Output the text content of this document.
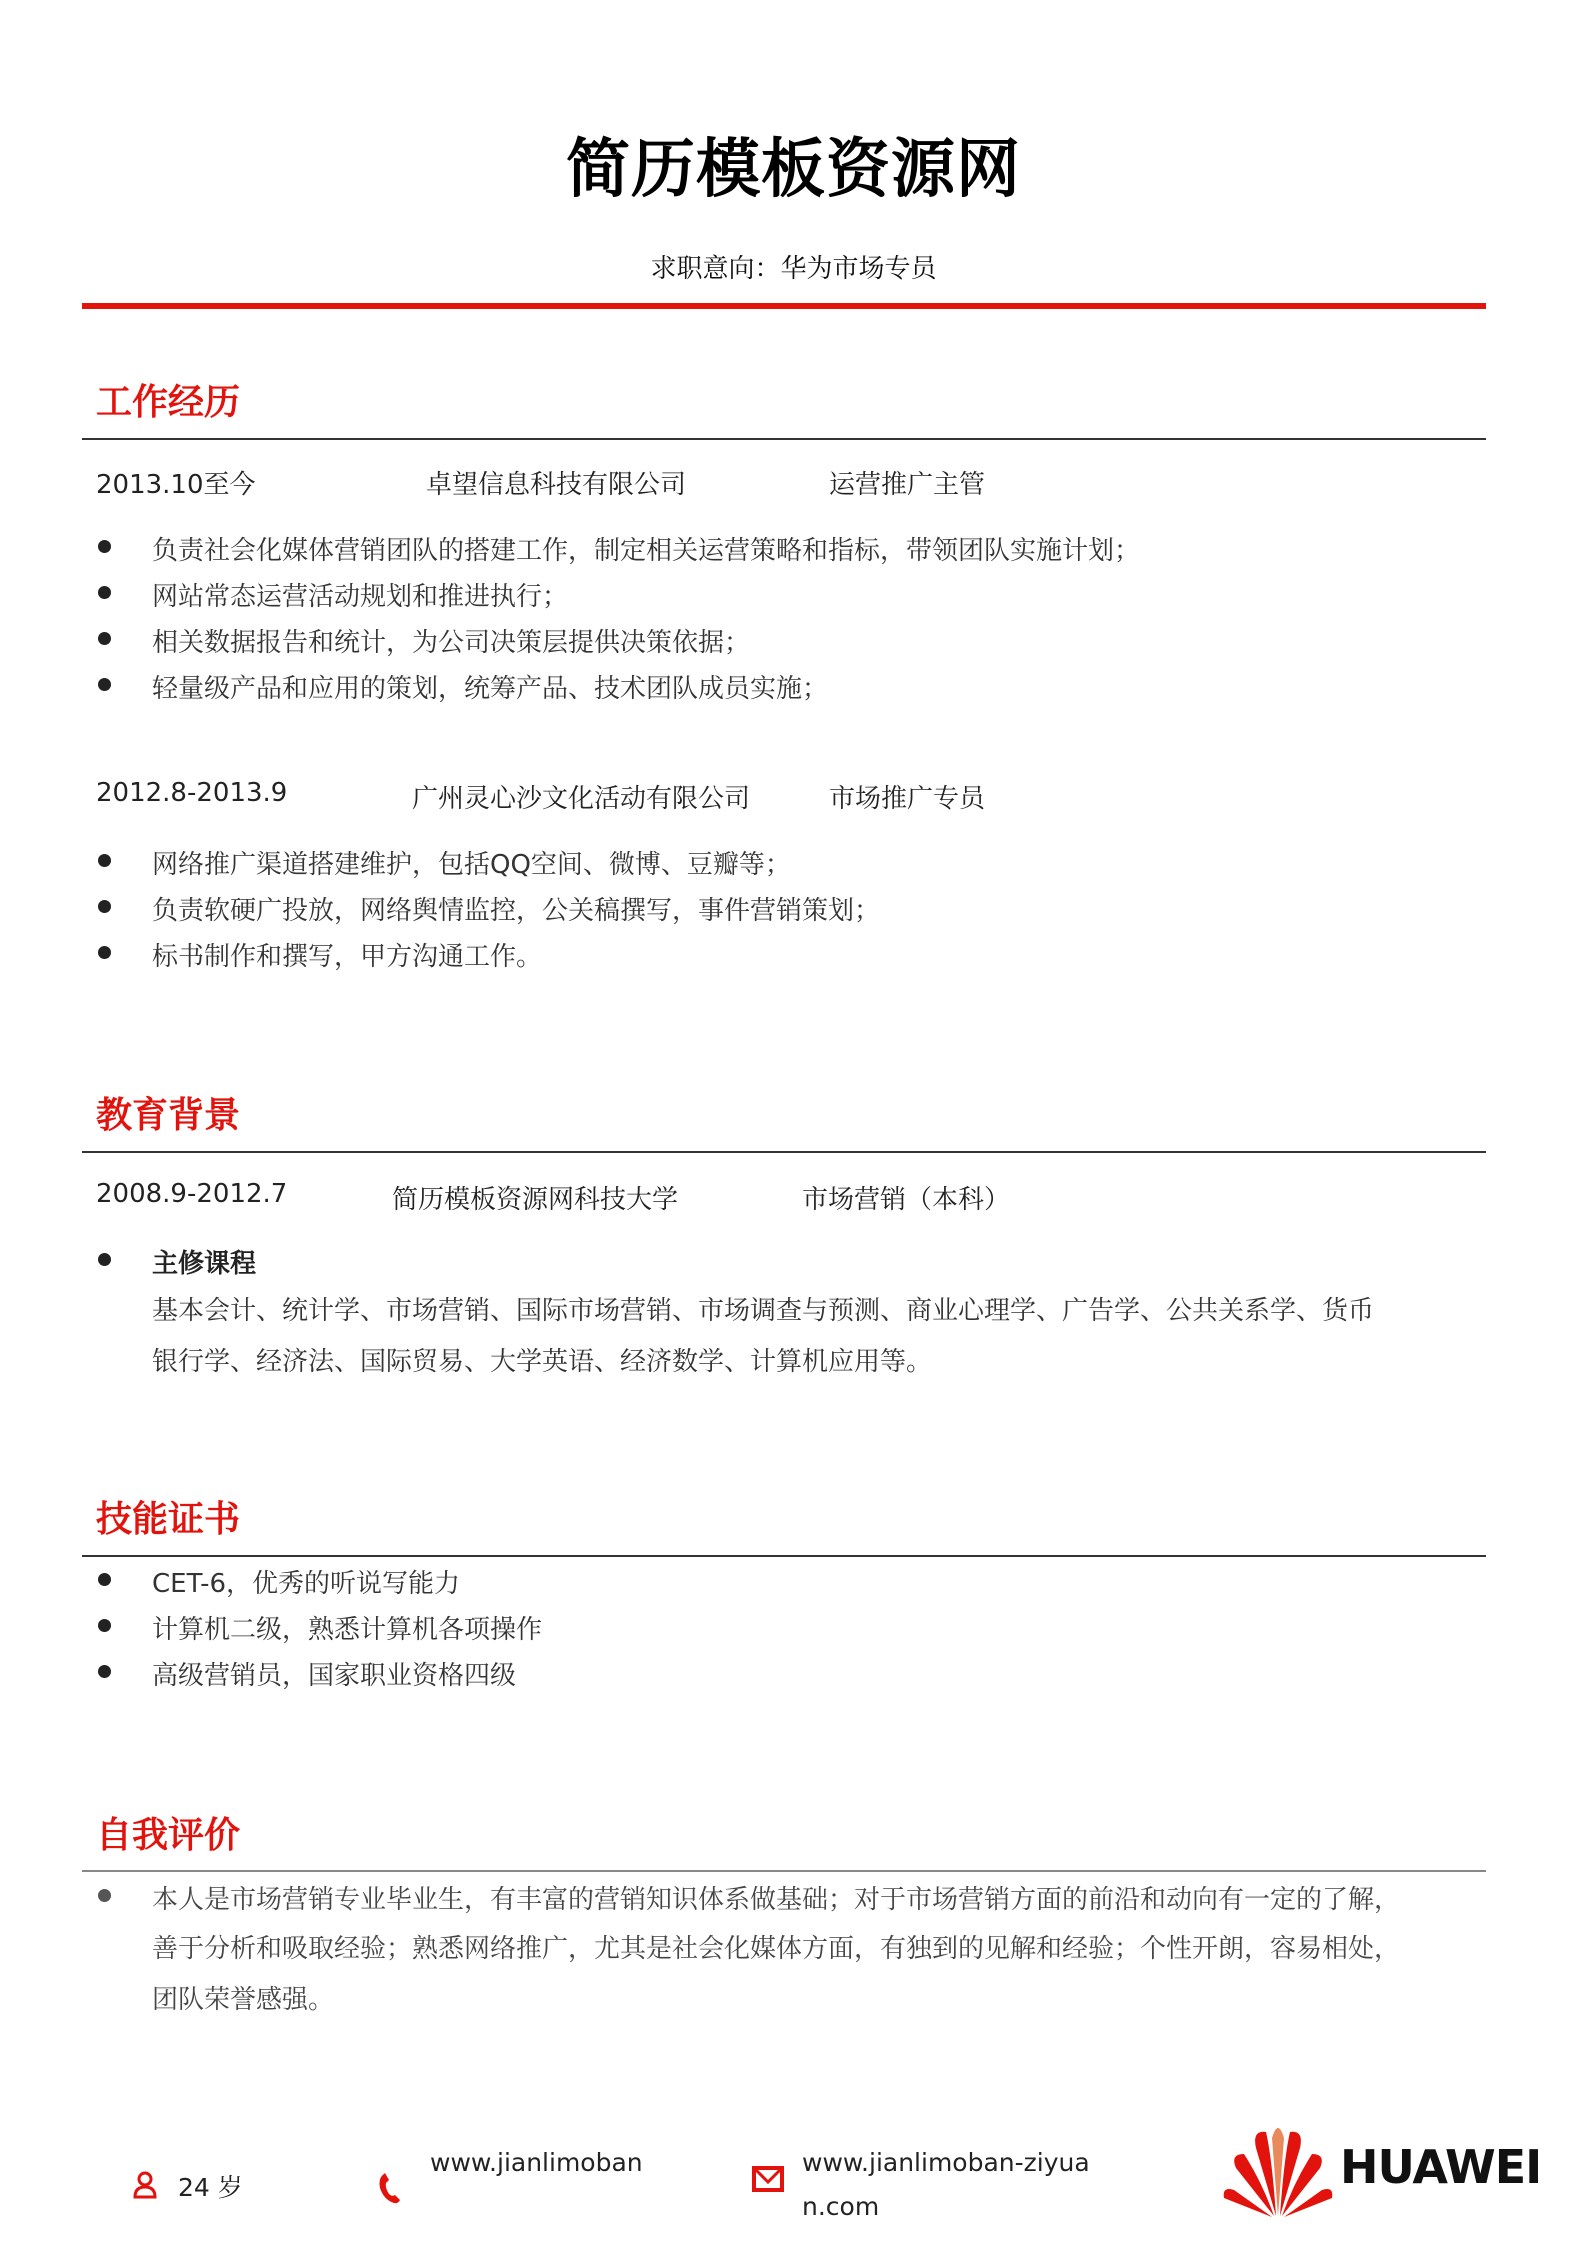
简历模板资源网
求职意向：华为市场专员
工作经历
2013.10至今	卓望信息科技有限公司	运营推广主管
负责社会化媒体营销团队的搭建工作，制定相关运营策略和指标，带领团队实施计划；
网站常态运营活动规划和推进执行；
相关数据报告和统计，为公司决策层提供决策依据；
轻量级产品和应用的策划，统筹产品、技术团队成员实施；
2012.8-2013.9	广州灵心沙文化活动有限公司	市场推广专员
网络推广渠道搭建维护，包括QQ空间、微博、豆瓣等；
负责软硬广投放，网络舆情监控，公关稿撰写，事件营销策划；
标书制作和撰写，甲方沟通工作。
教育背景
2008.9-2012.7	简历模板资源网科技大学	市场营销（本科）
主修课程
基本会计、统计学、市场营销、国际市场营销、市场调查与预测、商业心理学、广告学、公共关系学、货币
银行学、经济法、国际贸易、大学英语、经济数学、计算机应用等。
技能证书
CET-6，优秀的听说写能力
计算机二级，熟悉计算机各项操作
高级营销员，国家职业资格四级
自我评价
本人是市场营销专业毕业生，有丰富的营销知识体系做基础；对于市场营销方面的前沿和动向有一定的了解，
善于分析和吸取经验；熟悉网络推广，尤其是社会化媒体方面，有独到的见解和经验；个性开朗，容易相处，
团队荣誉感强。
24 岁
www.jianlimoban	www.jianlimoban-ziyua
n.com
HUAWEI
